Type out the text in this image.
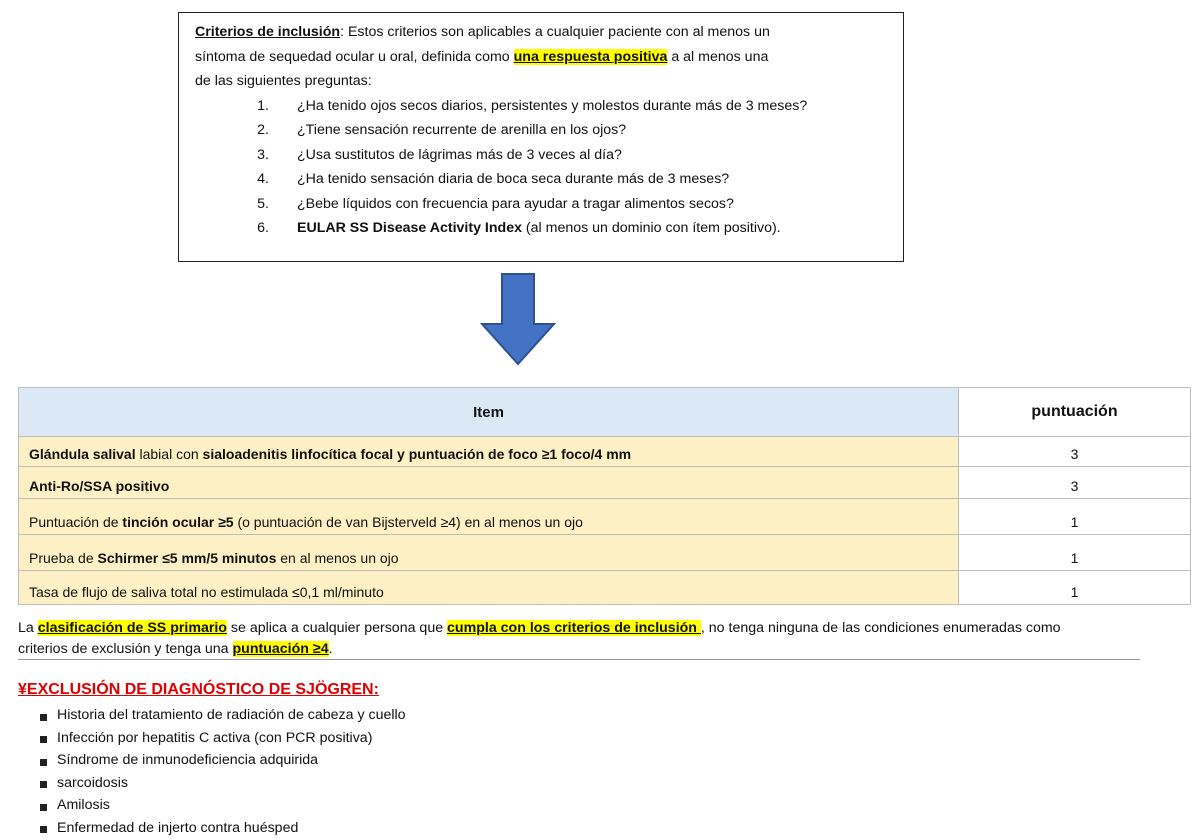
Criterios de inclusión: Estos criterios son aplicables a cualquier paciente con al menos un

síntoma de sequedad ocular u oral, definida como una respuesta positiva a al menos una

de las siguientes preguntas:

1.	¿Ha tenido ojos secos diarios, persistentes y molestos durante más de 3 meses?
2.	¿Tiene sensación recurrente de arenilla en los ojos?
3.	¿Usa sustitutos de lágrimas más de 3 veces al día?
4.	¿Ha tenido sensación diaria de boca seca durante más de 3 meses?
5.	¿Bebe líquidos con frecuencia para ayudar a tragar alimentos secos?
6.	EULAR SS Disease Activity Index (al menos un dominio con ítem positivo).
Item	puntuación
Glándula salival labial con sialoadenitis linfocítica focal y puntuación de foco ≥1 foco/4 mm	3
Anti-Ro/SSA positivo	3
Puntuación de tinción ocular ≥5 (o puntuación de van Bijsterveld ≥4) en al menos un ojo	1
Prueba de Schirmer ≤5 mm/5 minutos en al menos un ojo	1
Tasa de flujo de saliva total no estimulada ≤0,1 ml/minuto	1

La clasificación de SS primario se aplica a cualquier persona que cumpla con los criterios de inclusión , no tenga ninguna de las condiciones enumeradas como
criterios de exclusión y tenga una puntuación ≥4.

¥EXCLUSIÓN DE DIAGNÓSTICO DE SJÖGREN:
Historia del tratamiento de radiación de cabeza y cuello
Infección por hepatitis C activa (con PCR positiva)
Síndrome de inmunodeficiencia adquirida
sarcoidosis
Amilosis
Enfermedad de injerto contra huésped
